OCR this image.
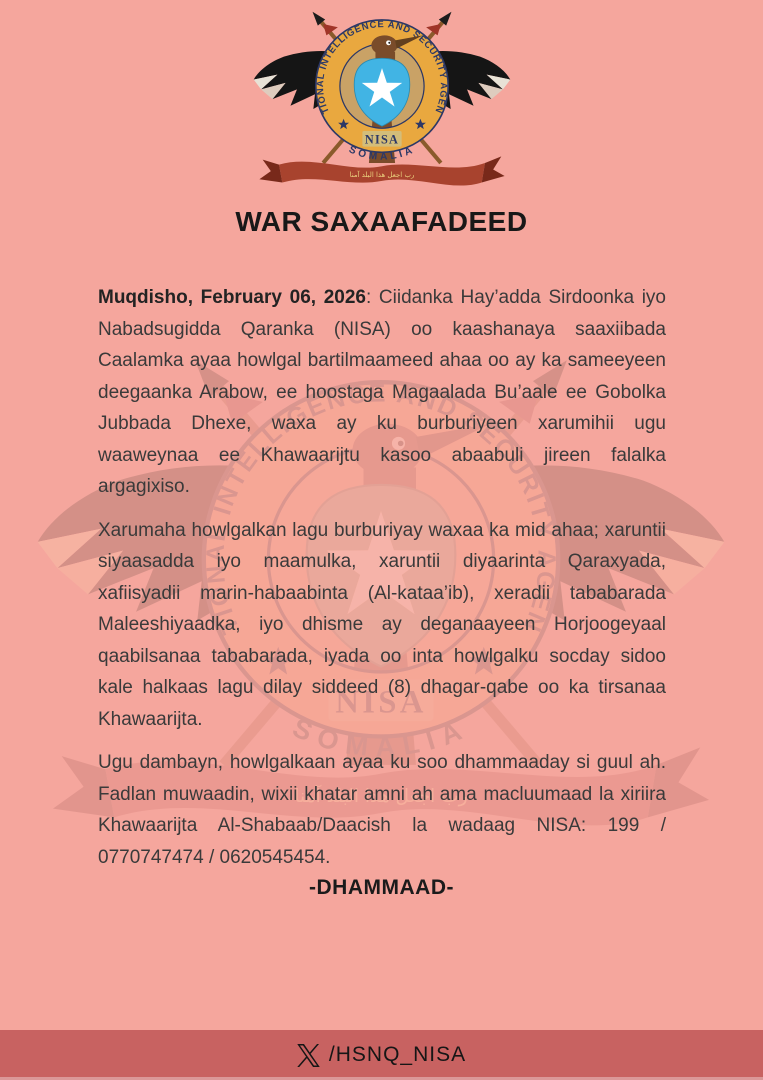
WAR SAXAAFADEED

Muqdisho, February 06, 2026: Ciidanka Hay’adda Sirdoonka iyo Nabadsugidda Qaranka (NISA) oo kaashanaya saaxiibada Caalamka ayaa howlgal bartilmaameed ahaa oo ay ka sameeyeen deegaanka Arabow, ee hoostaga Magaalada Bu’aale ee Gobolka Jubbada Dhexe, waxa ay ku burburiyeen xarumihii ugu waaweynaa ee Khawaarijtu kasoo abaabuli jireen falalka argagixiso.

Xarumaha howlgalkan lagu burburiyay waxaa ka mid ahaa; xaruntii siyaasadda iyo maamulka, xaruntii diyaarinta Qaraxyada, xafiisyadii marin-habaabinta (Al-kataa’ib), xeradii tababarada Maleeshiyaadka, iyo dhisme ay deganaayeen Horjoogeyaal qaabilsanaa tababarada, iyada oo inta howlgalku socday sidoo kale halkaas lagu dilay siddeed (8) dhagar-qabe oo ka tirsanaa Khawaarijta.

Ugu dambayn, howlgalkaan ayaa ku soo dhammaaday si guul ah. Fadlan muwaadin, wixii khatar amni ah ama macluumaad la xiriira Khawaarijta Al-Shabaab/Daacish la wadaag NISA: 199 / 0770747474 / 0620545454.

-DHAMMAAD-

/HSNQ_NISA
